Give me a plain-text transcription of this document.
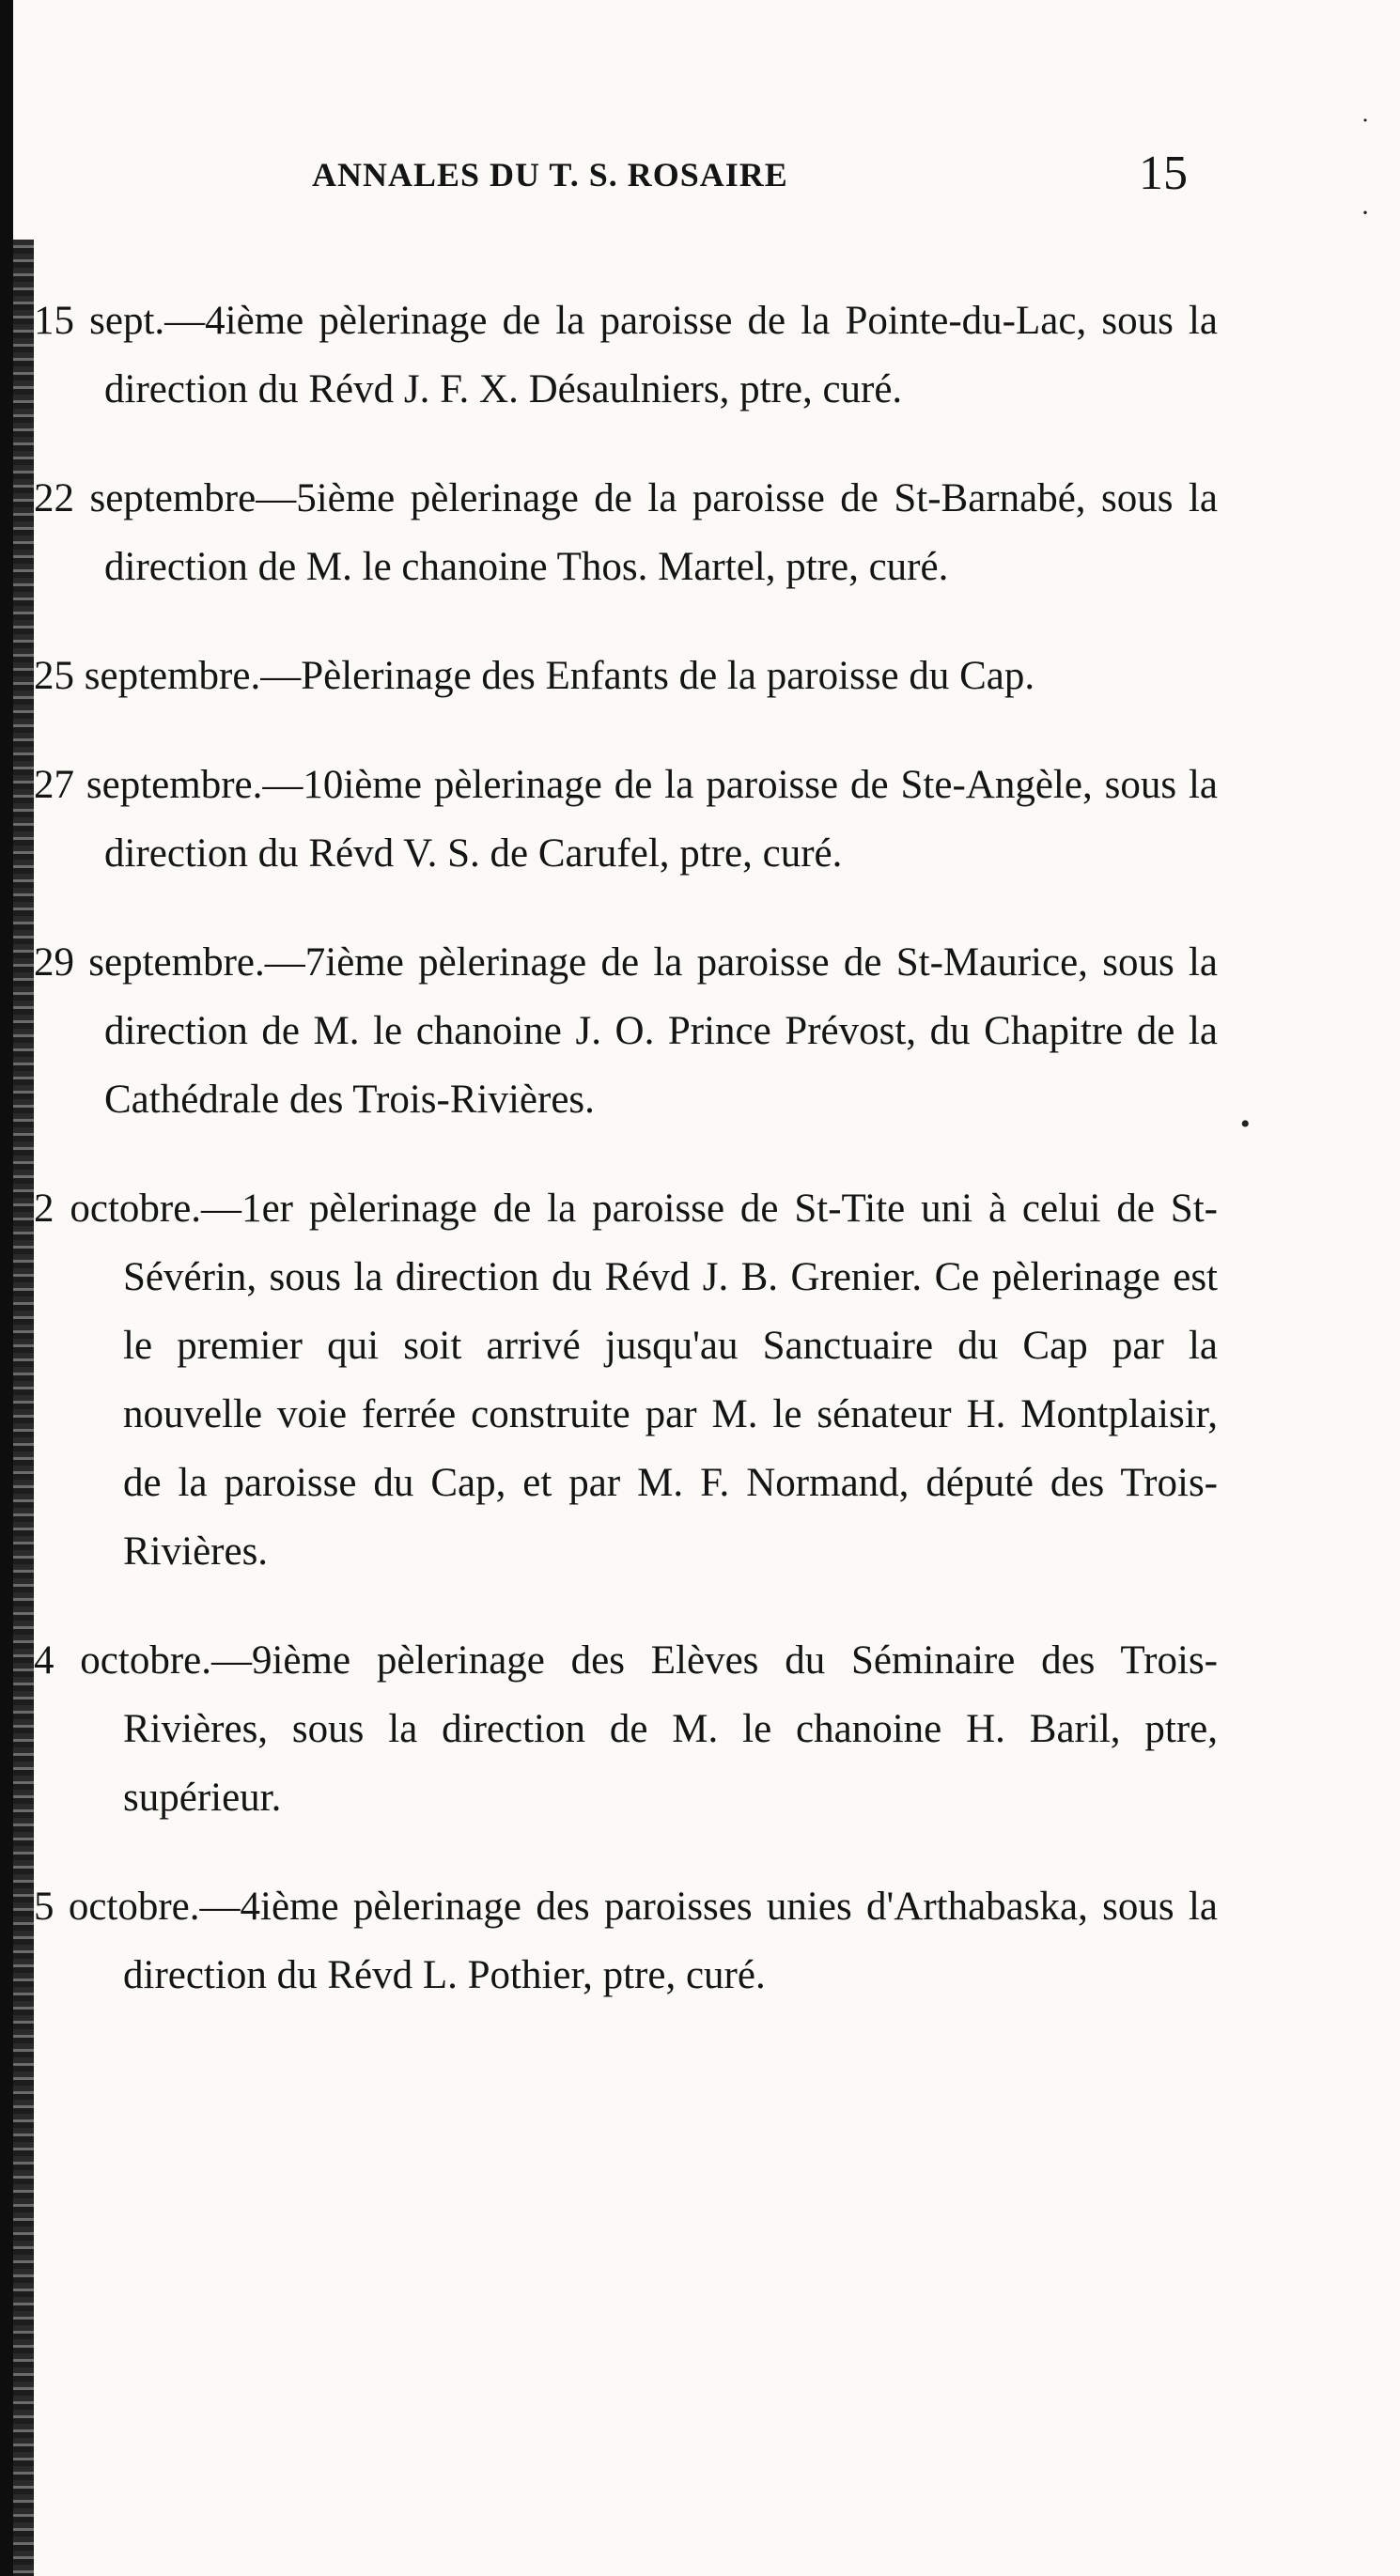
ANNALES DU T. S. ROSAIRE	15

15 sept.—4ième pèlerinage de la paroisse de la Pointe-du-Lac, sous la direction du Révd J. F. X. Désaulniers, ptre, curé.

22 septembre—5ième pèlerinage de la paroisse de St-Barnabé, sous la direction de M. le chanoine Thos. Martel, ptre, curé.

25 septembre.—Pèlerinage des Enfants de la paroisse du Cap.

27 septembre.—10ième pèlerinage de la paroisse de Ste-Angèle, sous la direction du Révd V. S. de Carufel, ptre, curé.

29 septembre.—7ième pèlerinage de la paroisse de St-Maurice, sous la direction de M. le chanoine J. O. Prince Prévost, du Chapitre de la Cathédrale des Trois-Rivières.

2 octobre.—1er pèlerinage de la paroisse de St-Tite uni à celui de St-Sévérin, sous la direction du Révd J. B. Grenier. Ce pèlerinage est le premier qui soit arrivé jusqu'au Sanctuaire du Cap par la nouvelle voie ferrée construite par M. le sénateur H. Montplaisir, de la paroisse du Cap, et par M. F. Normand, député des Trois-Rivières.

4 octobre.—9ième pèlerinage des Elèves du Séminaire des Trois-Rivières, sous la direction de M. le chanoine H. Baril, ptre, supérieur.

5 octobre.—4ième pèlerinage des paroisses unies d'Arthabaska, sous la direction du Révd L. Pothier, ptre, curé.

˙
·
•
